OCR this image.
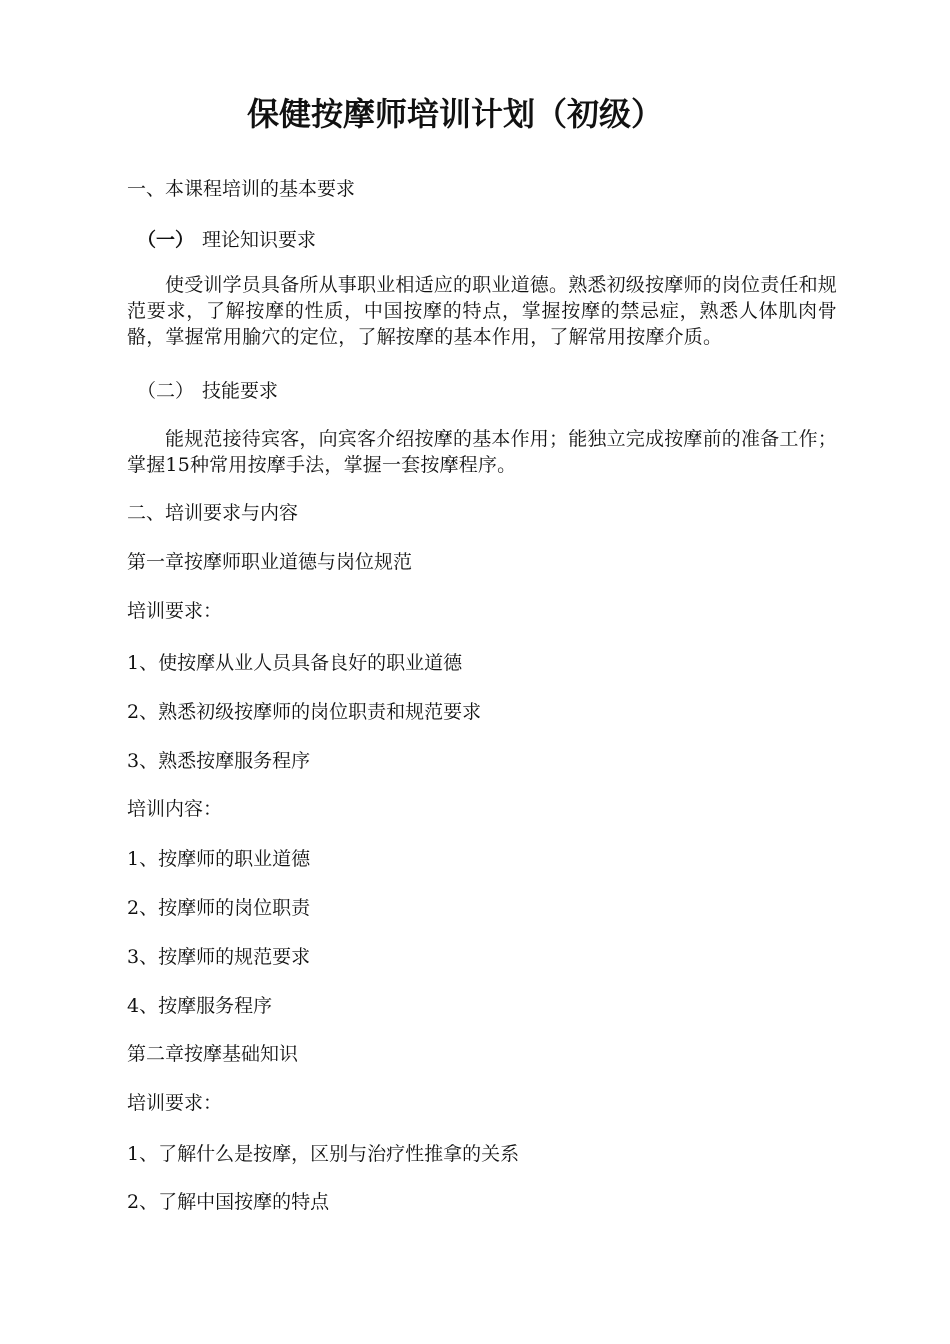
保健按摩师培训计划（初级）

一、本课程培训的基本要求

（一） 理论知识要求

使受训学员具备所从事职业相适应的职业道德。熟悉初级按摩师的岗位责任和规范要求，了解按摩的性质，中国按摩的特点，掌握按摩的禁忌症，熟悉人体肌肉骨骼，掌握常用腧穴的定位，了解按摩的基本作用，了解常用按摩介质。

（二） 技能要求

能规范接待宾客，向宾客介绍按摩的基本作用；能独立完成按摩前的准备工作；掌握15种常用按摩手法，掌握一套按摩程序。

二、培训要求与内容

第一章按摩师职业道德与岗位规范

培训要求：

1、使按摩从业人员具备良好的职业道德

2、熟悉初级按摩师的岗位职责和规范要求

3、熟悉按摩服务程序

培训内容：

1、按摩师的职业道德

2、按摩师的岗位职责

3、按摩师的规范要求

4、按摩服务程序

第二章按摩基础知识

培训要求：

1、了解什么是按摩，区别与治疗性推拿的关系

2、了解中国按摩的特点
